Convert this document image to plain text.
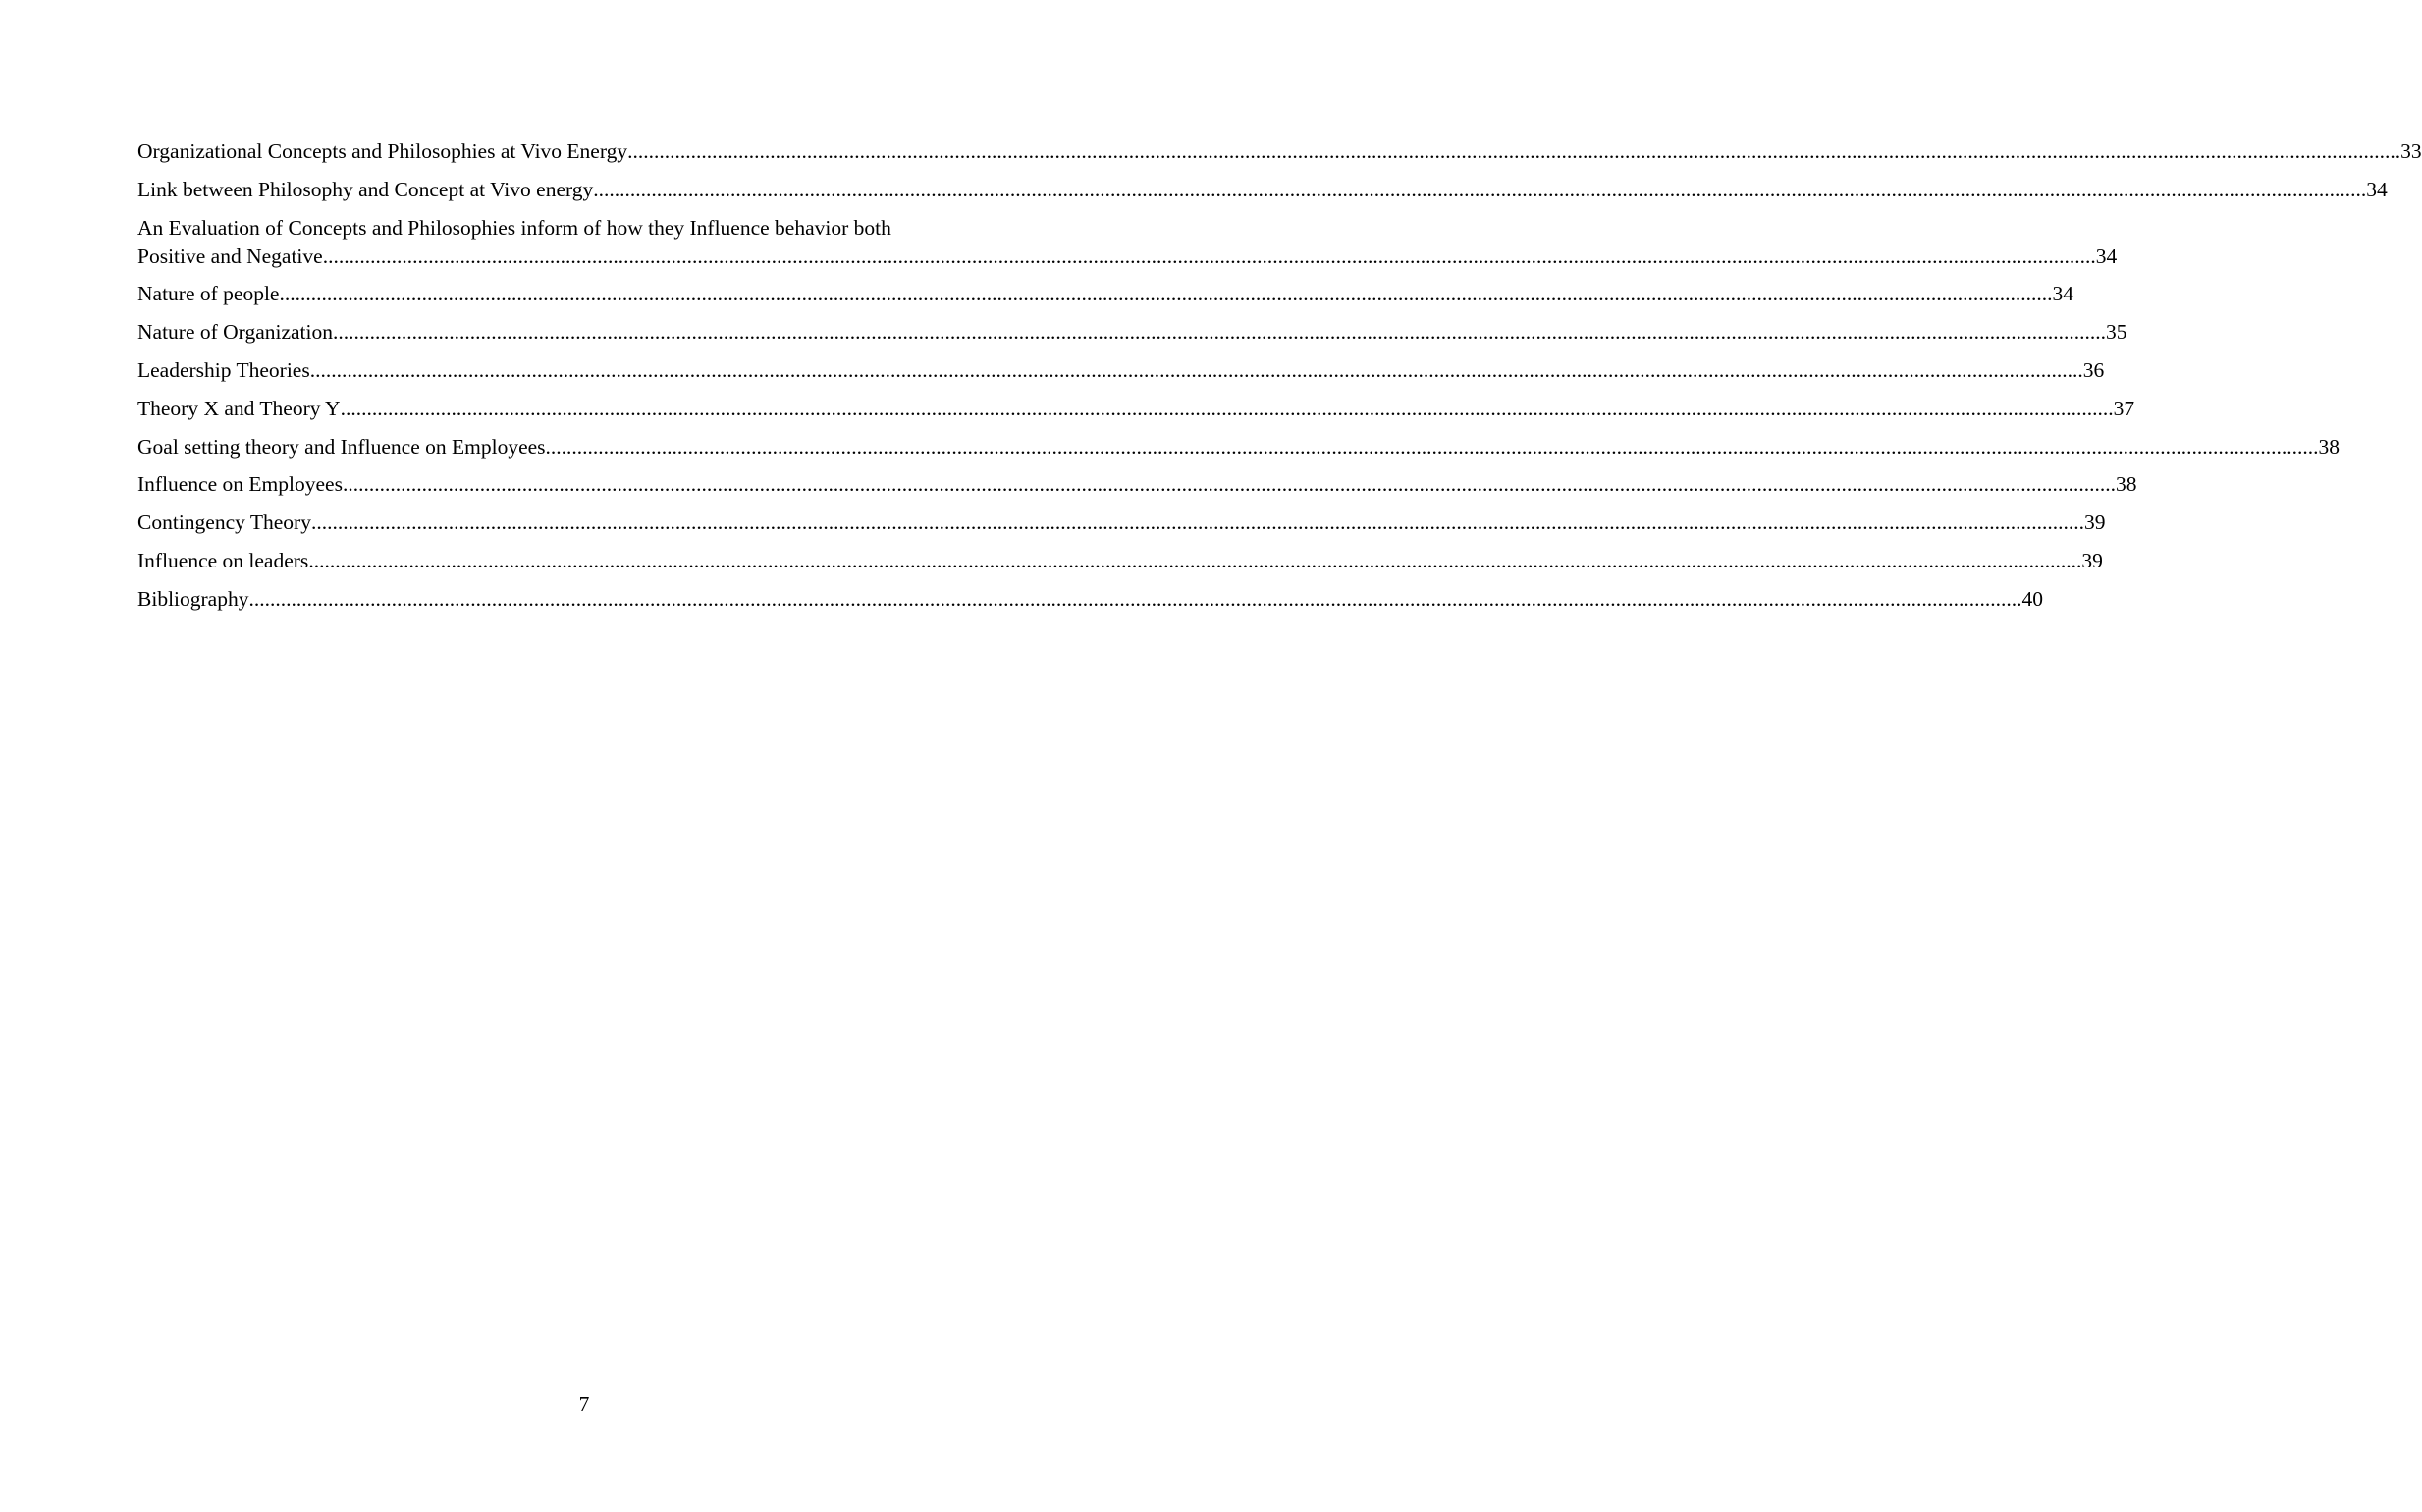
Organizational Concepts and Philosophies at Vivo Energy .....	33
Link between Philosophy and Concept at Vivo energy .....	34
An Evaluation of Concepts and Philosophies inform of how they Influence behavior both
Positive and Negative .....	34
Nature of people .....	34
Nature of Organization .....	35
Leadership Theories .....	36
Theory X and Theory Y .....	37
Goal setting theory and Influence on Employees .....	38
Influence on Employees .....	38
Contingency Theory .....	39
Influence on leaders .....	39
Bibliography .....	40
7
